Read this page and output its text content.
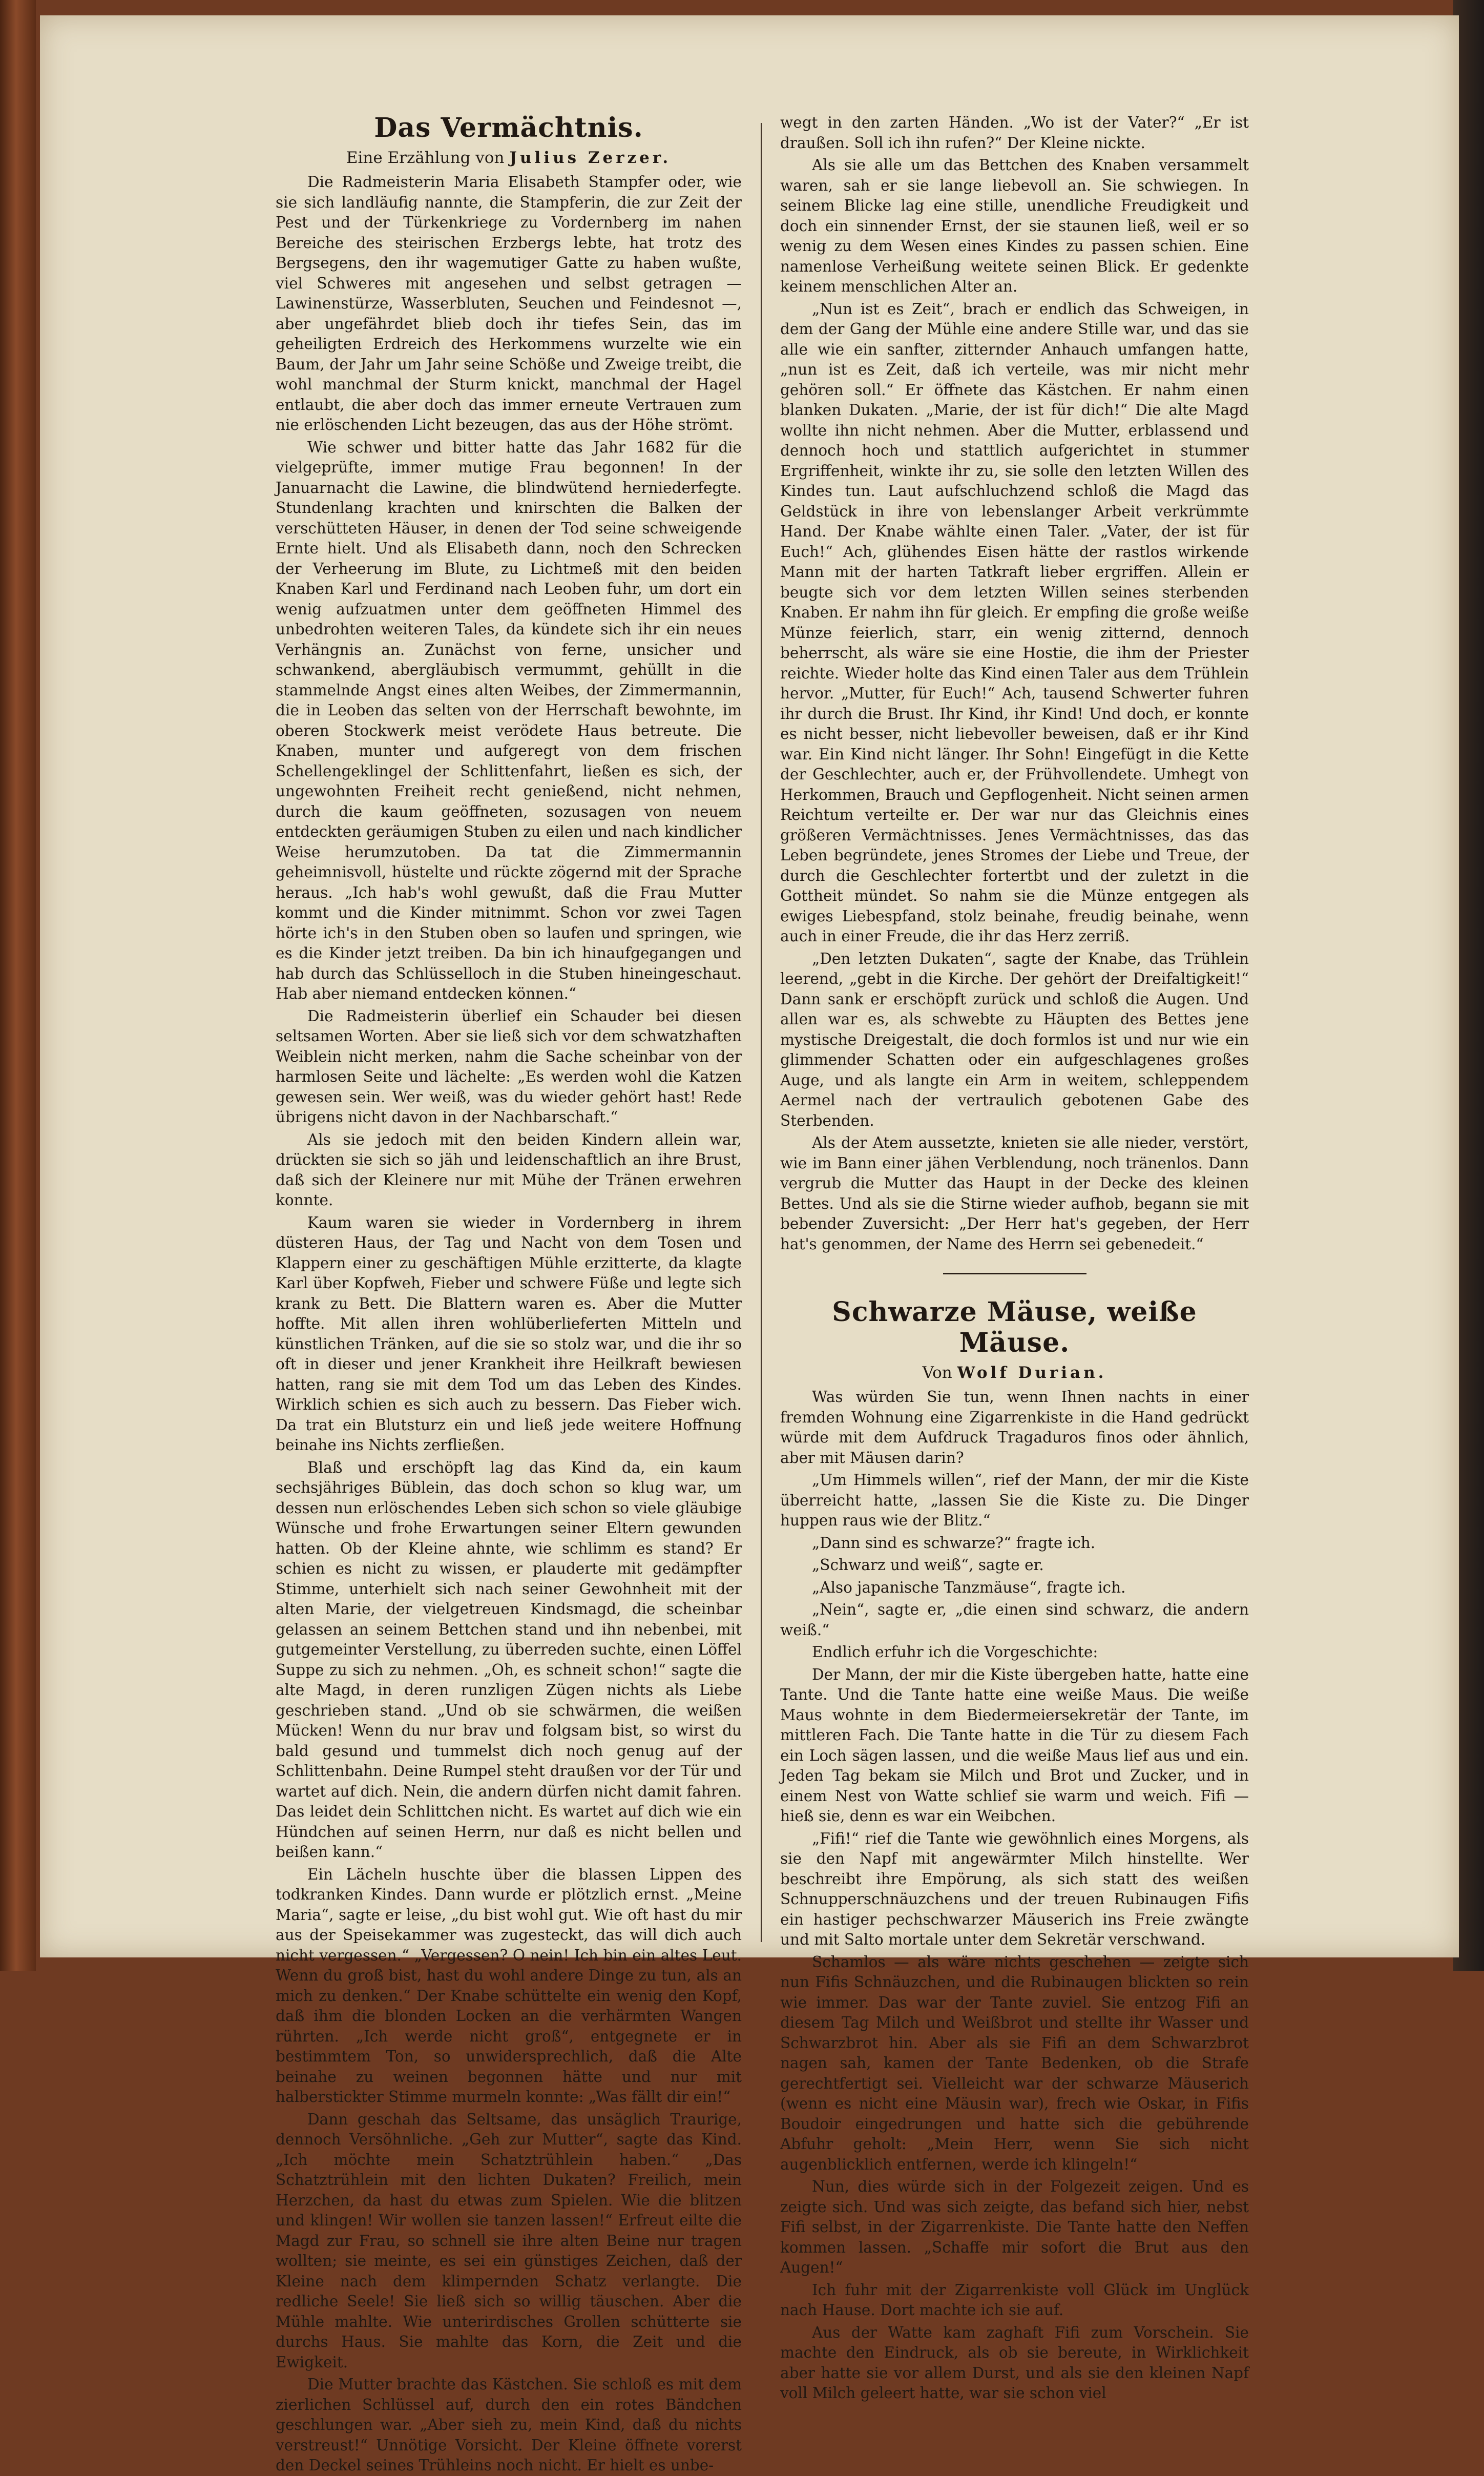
Das Vermächtnis.
Eine Erzählung von Julius Zerzer.

Die Radmeisterin Maria Elisabeth Stampfer oder, wie sie sich landläufig nannte, die Stampferin, die zur Zeit der Pest und der Türkenkriege zu Vordernberg im nahen Bereiche des steirischen Erzbergs lebte, hat trotz des Bergsegens, den ihr wagemutiger Gatte zu haben wußte, viel Schweres mit angesehen und selbst getragen — Lawinenstürze, Wasserbluten, Seuchen und Feindesnot —, aber ungefährdet blieb doch ihr tiefes Sein, das im geheiligten Erdreich des Herkommens wurzelte wie ein Baum, der Jahr um Jahr seine Schöße und Zweige treibt, die wohl manchmal der Sturm knickt, manchmal der Hagel entlaubt, die aber doch das immer erneute Vertrauen zum nie erlöschenden Licht bezeugen, das aus der Höhe strömt.

Wie schwer und bitter hatte das Jahr 1682 für die vielgeprüfte, immer mutige Frau begonnen! In der Januarnacht die Lawine, die blindwütend herniederfegte. Stundenlang krachten und knirschten die Balken der verschütteten Häuser, in denen der Tod seine schweigende Ernte hielt. Und als Elisabeth dann, noch den Schrecken der Verheerung im Blute, zu Lichtmeß mit den beiden Knaben Karl und Ferdinand nach Leoben fuhr, um dort ein wenig aufzuatmen unter dem geöffneten Himmel des unbedrohten weiteren Tales, da kündete sich ihr ein neues Verhängnis an. Zunächst von ferne, unsicher und schwankend, abergläubisch vermummt, gehüllt in die stammelnde Angst eines alten Weibes, der Zimmermannin, die in Leoben das selten von der Herrschaft bewohnte, im oberen Stockwerk meist verödete Haus betreute. Die Knaben, munter und aufgeregt von dem frischen Schellengeklingel der Schlittenfahrt, ließen es sich, der ungewohnten Freiheit recht genießend, nicht nehmen, durch die kaum geöffneten, sozusagen von neuem entdeckten geräumigen Stuben zu eilen und nach kindlicher Weise herumzutoben. Da tat die Zimmermannin geheimnisvoll, hüstelte und rückte zögernd mit der Sprache heraus. „Ich hab's wohl gewußt, daß die Frau Mutter kommt und die Kinder mitnimmt. Schon vor zwei Tagen hörte ich's in den Stuben oben so laufen und springen, wie es die Kinder jetzt treiben. Da bin ich hinaufgegangen und hab durch das Schlüsselloch in die Stuben hineingeschaut. Hab aber niemand entdecken können.“

Die Radmeisterin überlief ein Schauder bei diesen seltsamen Worten. Aber sie ließ sich vor dem schwatzhaften Weiblein nicht merken, nahm die Sache scheinbar von der harmlosen Seite und lächelte: „Es werden wohl die Katzen gewesen sein. Wer weiß, was du wieder gehört hast! Rede übrigens nicht davon in der Nachbarschaft.“

Als sie jedoch mit den beiden Kindern allein war, drückten sie sich so jäh und leidenschaftlich an ihre Brust, daß sich der Kleinere nur mit Mühe der Tränen erwehren konnte.

Kaum waren sie wieder in Vordernberg in ihrem düsteren Haus, der Tag und Nacht von dem Tosen und Klappern einer zu geschäftigen Mühle erzitterte, da klagte Karl über Kopfweh, Fieber und schwere Füße und legte sich krank zu Bett. Die Blattern waren es. Aber die Mutter hoffte. Mit allen ihren wohlüberlieferten Mitteln und künstlichen Tränken, auf die sie so stolz war, und die ihr so oft in dieser und jener Krankheit ihre Heilkraft bewiesen hatten, rang sie mit dem Tod um das Leben des Kindes. Wirklich schien es sich auch zu bessern. Das Fieber wich. Da trat ein Blutsturz ein und ließ jede weitere Hoffnung beinahe ins Nichts zerfließen.

Blaß und erschöpft lag das Kind da, ein kaum sechsjähriges Büblein, das doch schon so klug war, um dessen nun erlöschendes Leben sich schon so viele gläubige Wünsche und frohe Erwartungen seiner Eltern gewunden hatten. Ob der Kleine ahnte, wie schlimm es stand? Er schien es nicht zu wissen, er plauderte mit gedämpfter Stimme, unterhielt sich nach seiner Gewohnheit mit der alten Marie, der vielgetreuen Kindsmagd, die scheinbar gelassen an seinem Bettchen stand und ihn nebenbei, mit gutgemeinter Verstellung, zu überreden suchte, einen Löffel Suppe zu sich zu nehmen. „Oh, es schneit schon!“ sagte die alte Magd, in deren runzligen Zügen nichts als Liebe geschrieben stand. „Und ob sie schwärmen, die weißen Mücken! Wenn du nur brav und folgsam bist, so wirst du bald gesund und tummelst dich noch genug auf der Schlittenbahn. Deine Rumpel steht draußen vor der Tür und wartet auf dich. Nein, die andern dürfen nicht damit fahren. Das leidet dein Schlittchen nicht. Es wartet auf dich wie ein Hündchen auf seinen Herrn, nur daß es nicht bellen und beißen kann.“

Ein Lächeln huschte über die blassen Lippen des todkranken Kindes. Dann wurde er plötzlich ernst. „Meine Maria“, sagte er leise, „du bist wohl gut. Wie oft hast du mir aus der Speisekammer was zugesteckt, das will dich auch nicht vergessen.“ „Vergessen? O nein! Ich bin ein altes Leut. Wenn du groß bist, hast du wohl andere Dinge zu tun, als an mich zu denken.“ Der Knabe schüttelte ein wenig den Kopf, daß ihm die blonden Locken an die verhärmten Wangen rührten. „Ich werde nicht groß“, entgegnete er in bestimmtem Ton, so unwidersprechlich, daß die Alte beinahe zu weinen begonnen hätte und nur mit halberstickter Stimme murmeln konnte: „Was fällt dir ein!“

Dann geschah das Seltsame, das unsäglich Traurige, dennoch Versöhnliche. „Geh zur Mutter“, sagte das Kind. „Ich möchte mein Schatztrühlein haben.“ „Das Schatztrühlein mit den lichten Dukaten? Freilich, mein Herzchen, da hast du etwas zum Spielen. Wie die blitzen und klingen! Wir wollen sie tanzen lassen!“ Erfreut eilte die Magd zur Frau, so schnell sie ihre alten Beine nur tragen wollten; sie meinte, es sei ein günstiges Zeichen, daß der Kleine nach dem klimpernden Schatz verlangte. Die redliche Seele! Sie ließ sich so willig täuschen. Aber die Mühle mahlte. Wie unterirdisches Grollen schütterte sie durchs Haus. Sie mahlte das Korn, die Zeit und die Ewigkeit.

Die Mutter brachte das Kästchen. Sie schloß es mit dem zierlichen Schlüssel auf, durch den ein rotes Bändchen geschlungen war. „Aber sieh zu, mein Kind, daß du nichts verstreust!“ Unnötige Vorsicht. Der Kleine öffnete vorerst den Deckel seines Trühleins noch nicht. Er hielt es unbe-

wegt in den zarten Händen. „Wo ist der Vater?“ „Er ist draußen. Soll ich ihn rufen?“ Der Kleine nickte.

Als sie alle um das Bettchen des Knaben versammelt waren, sah er sie lange liebevoll an. Sie schwiegen. In seinem Blicke lag eine stille, unendliche Freudigkeit und doch ein sinnender Ernst, der sie staunen ließ, weil er so wenig zu dem Wesen eines Kindes zu passen schien. Eine namenlose Verheißung weitete seinen Blick. Er gedenkte keinem menschlichen Alter an.

„Nun ist es Zeit“, brach er endlich das Schweigen, in dem der Gang der Mühle eine andere Stille war, und das sie alle wie ein sanfter, zitternder Anhauch umfangen hatte, „nun ist es Zeit, daß ich verteile, was mir nicht mehr gehören soll.“ Er öffnete das Kästchen. Er nahm einen blanken Dukaten. „Marie, der ist für dich!“ Die alte Magd wollte ihn nicht nehmen. Aber die Mutter, erblassend und dennoch hoch und stattlich aufgerichtet in stummer Ergriffenheit, winkte ihr zu, sie solle den letzten Willen des Kindes tun. Laut aufschluchzend schloß die Magd das Geldstück in ihre von lebenslanger Arbeit verkrümmte Hand. Der Knabe wählte einen Taler. „Vater, der ist für Euch!“ Ach, glühendes Eisen hätte der rastlos wirkende Mann mit der harten Tatkraft lieber ergriffen. Allein er beugte sich vor dem letzten Willen seines sterbenden Knaben. Er nahm ihn für gleich. Er empfing die große weiße Münze feierlich, starr, ein wenig zitternd, dennoch beherrscht, als wäre sie eine Hostie, die ihm der Priester reichte. Wieder holte das Kind einen Taler aus dem Trühlein hervor. „Mutter, für Euch!“ Ach, tausend Schwerter fuhren ihr durch die Brust. Ihr Kind, ihr Kind! Und doch, er konnte es nicht besser, nicht liebevoller beweisen, daß er ihr Kind war. Ein Kind nicht länger. Ihr Sohn! Eingefügt in die Kette der Geschlechter, auch er, der Frühvollendete. Umhegt von Herkommen, Brauch und Gepflogenheit. Nicht seinen armen Reichtum verteilte er. Der war nur das Gleichnis eines größeren Vermächtnisses. Jenes Vermächtnisses, das das Leben begründete, jenes Stromes der Liebe und Treue, der durch die Geschlechter fortertbt und der zuletzt in die Gottheit mündet. So nahm sie die Münze entgegen als ewiges Liebespfand, stolz beinahe, freudig beinahe, wenn auch in einer Freude, die ihr das Herz zerriß.

„Den letzten Dukaten“, sagte der Knabe, das Trühlein leerend, „gebt in die Kirche. Der gehört der Dreifaltigkeit!“ Dann sank er erschöpft zurück und schloß die Augen. Und allen war es, als schwebte zu Häupten des Bettes jene mystische Dreigestalt, die doch formlos ist und nur wie ein glimmender Schatten oder ein aufgeschlagenes großes Auge, und als langte ein Arm in weitem, schleppendem Aermel nach der vertraulich gebotenen Gabe des Sterbenden.

Als der Atem aussetzte, knieten sie alle nieder, verstört, wie im Bann einer jähen Verblendung, noch tränenlos. Dann vergrub die Mutter das Haupt in der Decke des kleinen Bettes. Und als sie die Stirne wieder aufhob, begann sie mit bebender Zuversicht: „Der Herr hat's gegeben, der Herr hat's genommen, der Name des Herrn sei gebenedeit.“

Schwarze Mäuse, weiße Mäuse.
Von Wolf Durian.

Was würden Sie tun, wenn Ihnen nachts in einer fremden Wohnung eine Zigarrenkiste in die Hand gedrückt würde mit dem Aufdruck Tragaduros finos oder ähnlich, aber mit Mäusen darin?

„Um Himmels willen“, rief der Mann, der mir die Kiste überreicht hatte, „lassen Sie die Kiste zu. Die Dinger huppen raus wie der Blitz.“

„Dann sind es schwarze?“ fragte ich.

„Schwarz und weiß“, sagte er.

„Also japanische Tanzmäuse“, fragte ich.

„Nein“, sagte er, „die einen sind schwarz, die andern weiß.“

Endlich erfuhr ich die Vorgeschichte:

Der Mann, der mir die Kiste übergeben hatte, hatte eine Tante. Und die Tante hatte eine weiße Maus. Die weiße Maus wohnte in dem Biedermeiersekretär der Tante, im mittleren Fach. Die Tante hatte in die Tür zu diesem Fach ein Loch sägen lassen, und die weiße Maus lief aus und ein. Jeden Tag bekam sie Milch und Brot und Zucker, und in einem Nest von Watte schlief sie warm und weich. Fifi — hieß sie, denn es war ein Weibchen.

„Fifi!“ rief die Tante wie gewöhnlich eines Morgens, als sie den Napf mit angewärmter Milch hinstellte. Wer beschreibt ihre Empörung, als sich statt des weißen Schnupperschnäuzchens und der treuen Rubinaugen Fifis ein hastiger pechschwarzer Mäuserich ins Freie zwängte und mit Salto mortale unter dem Sekretär verschwand.

Schamlos — als wäre nichts geschehen — zeigte sich nun Fifis Schnäuzchen, und die Rubinaugen blickten so rein wie immer. Das war der Tante zuviel. Sie entzog Fifi an diesem Tag Milch und Weißbrot und stellte ihr Wasser und Schwarzbrot hin. Aber als sie Fifi an dem Schwarzbrot nagen sah, kamen der Tante Bedenken, ob die Strafe gerechtfertigt sei. Vielleicht war der schwarze Mäuserich (wenn es nicht eine Mäusin war), frech wie Oskar, in Fifis Boudoir eingedrungen und hatte sich die gebührende Abfuhr geholt: „Mein Herr, wenn Sie sich nicht augenblicklich entfernen, werde ich klingeln!“

Nun, dies würde sich in der Folgezeit zeigen. Und es zeigte sich. Und was sich zeigte, das befand sich hier, nebst Fifi selbst, in der Zigarrenkiste. Die Tante hatte den Neffen kommen lassen. „Schaffe mir sofort die Brut aus den Augen!“

Ich fuhr mit der Zigarrenkiste voll Glück im Unglück nach Hause. Dort machte ich sie auf.

Aus der Watte kam zaghaft Fifi zum Vorschein. Sie machte den Eindruck, als ob sie bereute, in Wirklichkeit aber hatte sie vor allem Durst, und als sie den kleinen Napf voll Milch geleert hatte, war sie schon viel
